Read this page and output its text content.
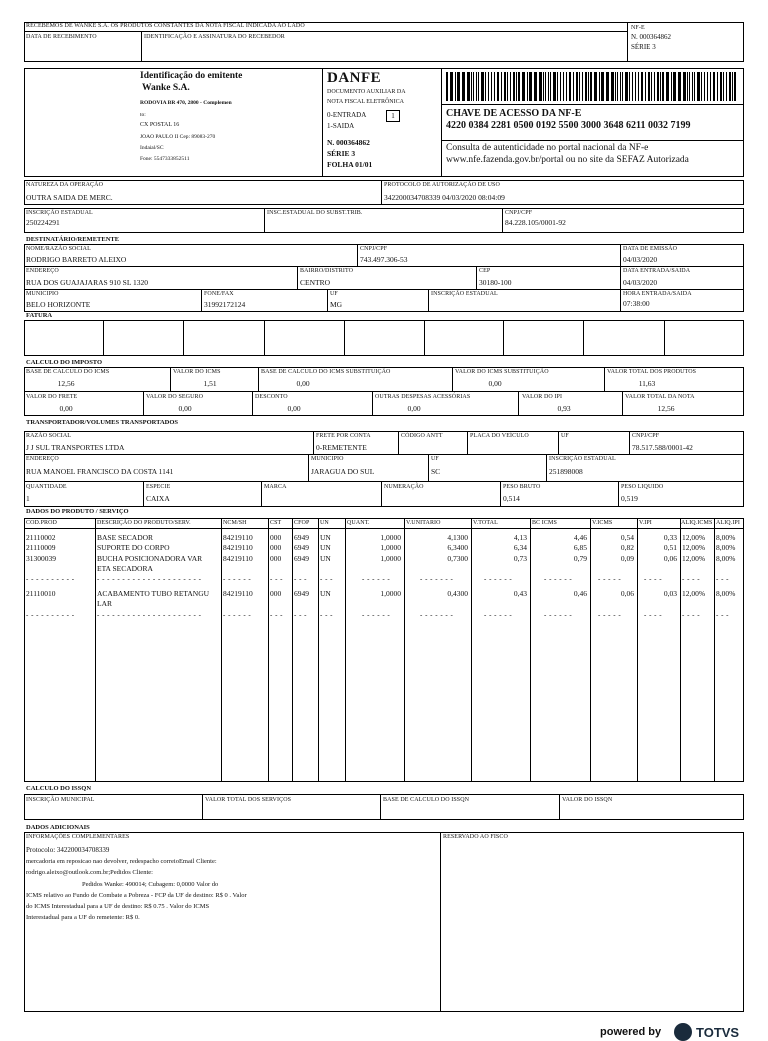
RECEBEMOS DE WANKE S.A. OS PRODUTOS CONSTANTES DA NOTA FISCAL INDICADA AO LADO
DATA DE RECEBIMENTO	IDENTIFICAÇÃO E ASSINATURA DO RECEBEDOR
NF-E
N. 000364862
SÉRIE 3
Identificação do emitente
Wanke S.A.
RODOVIA BR 470, 2800 - Complemen
to:
CX POSTAL 16
JOAO PAULO II Cep: 89083-270
Indaial/SC
Fone: 5547333852511
DANFE
DOCUMENTO AUXILIAR DA
NOTA FISCAL ELETRÔNICA
0-ENTRADA
1-SAIDA
1
N. 000364862
SÉRIE 3
FOLHA 01/01
CHAVE DE ACESSO DA NF-E
4220 0384 2281 0500 0192 5500 3000 3648 6211 0032 7199
Consulta de autenticidade no portal nacional da NF-e
www.nfe.fazenda.gov.br/portal ou no site da SEFAZ Autorizada
NATUREZA DA OPERAÇÃO
OUTRA SAIDA DE MERC.
PROTOCOLO DE AUTORIZAÇÃO DE USO
342200034708339 04/03/2020 08:04:09
INSCRIÇÃO ESTADUAL
250224291
INSC.ESTADUAL DO SUBST.TRIB.	CNPJ/CPF
84.228.105/0001-92
DESTINATÁRIO/REMETENTE
NOME/RAZÃO SOCIAL
RODRIGO BARRETO ALEIXO
CNPJ/CPF
743.497.306-53
DATA DE EMISSÃO
04/03/2020
ENDEREÇO
RUA DOS GUAJAJARAS 910 SL 1320
BAIRRO/DISTRITO
CENTRO
CEP
30180-100
DATA ENTRADA/SAIDA
04/03/2020
MUNICIPIO
BELO HORIZONTE
FONE/FAX
31992172124
UF
MG
INSCRIÇÃO ESTADUAL	HORA ENTRADA/SAIDA
07:38:00
FATURA
CALCULO DO IMPOSTO
BASE DE CALCULO DO ICMS
12,56
VALOR DO ICMS
1,51
BASE DE CALCULO DO ICMS SUBSTITUIÇÃO
0,00
VALOR DO ICMS SUBSTITUIÇÃO
0,00
VALOR TOTAL DOS PRODUTOS
11,63
VALOR DO FRETE
0,00
VALOR DO SEGURO
0,00
DESCONTO
0,00
OUTRAS DESPESAS ACESSÓRIAS
0,00
VALOR DO IPI
0,93
VALOR TOTAL DA NOTA
12,56
TRANSPORTADOR/VOLUMES TRANSPORTADOS
RAZÃO SOCIAL
J J SUL TRANSPORTES LTDA
FRETE POR CONTA
0-REMETENTE
CÓDIGO ANTT	PLACA DO VEÍCULO	UF	CNPJ/CPF
78.517.588/0001-42
ENDEREÇO
RUA MANOEL FRANCISCO DA COSTA 1141
MUNICIPIO
JARAGUA DO SUL
UF
SC
INSCRIÇÃO ESTADUAL
251898008
QUANTIDADE
1
ESPECIE
CAIXA
MARCA	NUMERAÇÃO	PESO BRUTO
0,514
PESO LIQUIDO
0,519
DADOS DO PRODUTO / SERVIÇO
COD.PROD	DESCRIÇÃO DO PRODUTO/SERV.	NCM/SH	CST CFOP UN	QUANT.	V.UNITARIO	V.TOTAL	BC ICMS	V.ICMS	V.IPI	ALIQ.ICMS ALIQ.IPI
21110002	BASE SECADOR	84219110 000 6949 UN	1,0000	4,1300	4,13	4,46	0,54	0,33 12,00% 8,00%
21110009	SUPORTE DO CORPO	84219110 000 6949 UN	1,0000	6,3400	6,34	6,85	0,82	0,51 12,00% 8,00%
31300039	BUCHA POSICIONADORA VAR
ETA SECADORA
84219110 000 6949 UN	1,0000	0,7300	0,73	0,79	0,09	0,06 12,00% 8,00%
- - - - - - - - - -	- - - - - - - - - - - - - - - - - - - - -	- - - - - -	- - - - - - - - -	- - - - - -	- - - - - - -	- - - - - -	- - - - - -	- - - - -	- - - -	- - - - - - -
21110010	ACABAMENTO TUBO RETANGU
LAR
84219110 000 6949 UN	1,0000	0,4300	0,43	0,46	0,06	0,03 12,00% 8,00%
- - - - - - - - - -	- - - - - - - - - - - - - - - - - - - - -	- - - - - -	- - - - - - - - -	- - - - - -	- - - - - - -	- - - - - -	- - - - - -	- - - - -	- - - -	- - - - - - -
CALCULO DO ISSQN
INSCRIÇÃO MUNICIPAL	VALOR TOTAL DOS SERVIÇOS	BASE DE CALCULO DO ISSQN	VALOR DO ISSQN
DADOS ADICIONAIS
INFORMAÇÕES COMPLEMENTARES	RESERVADO AO FISCO
Protocolo: 342200034708339
mercadoria em reposicao nao devolver, redespacho correioEmail Cliente:
rodrigo.aleixo@outlook.com.br;Pedidos Cliente:
Pedidos Wanke: 490014; Cubagem: 0,0000 Valor do
ICMS relativo ao Fundo de Combate a Pobreza - FCP da UF de destino: R$ 0 . Valor
do ICMS Interestadual para a UF de destino: R$ 0.75 . Valor do ICMS
Interestadual para a UF do remetente: R$ 0.
powered by	TOTVS
